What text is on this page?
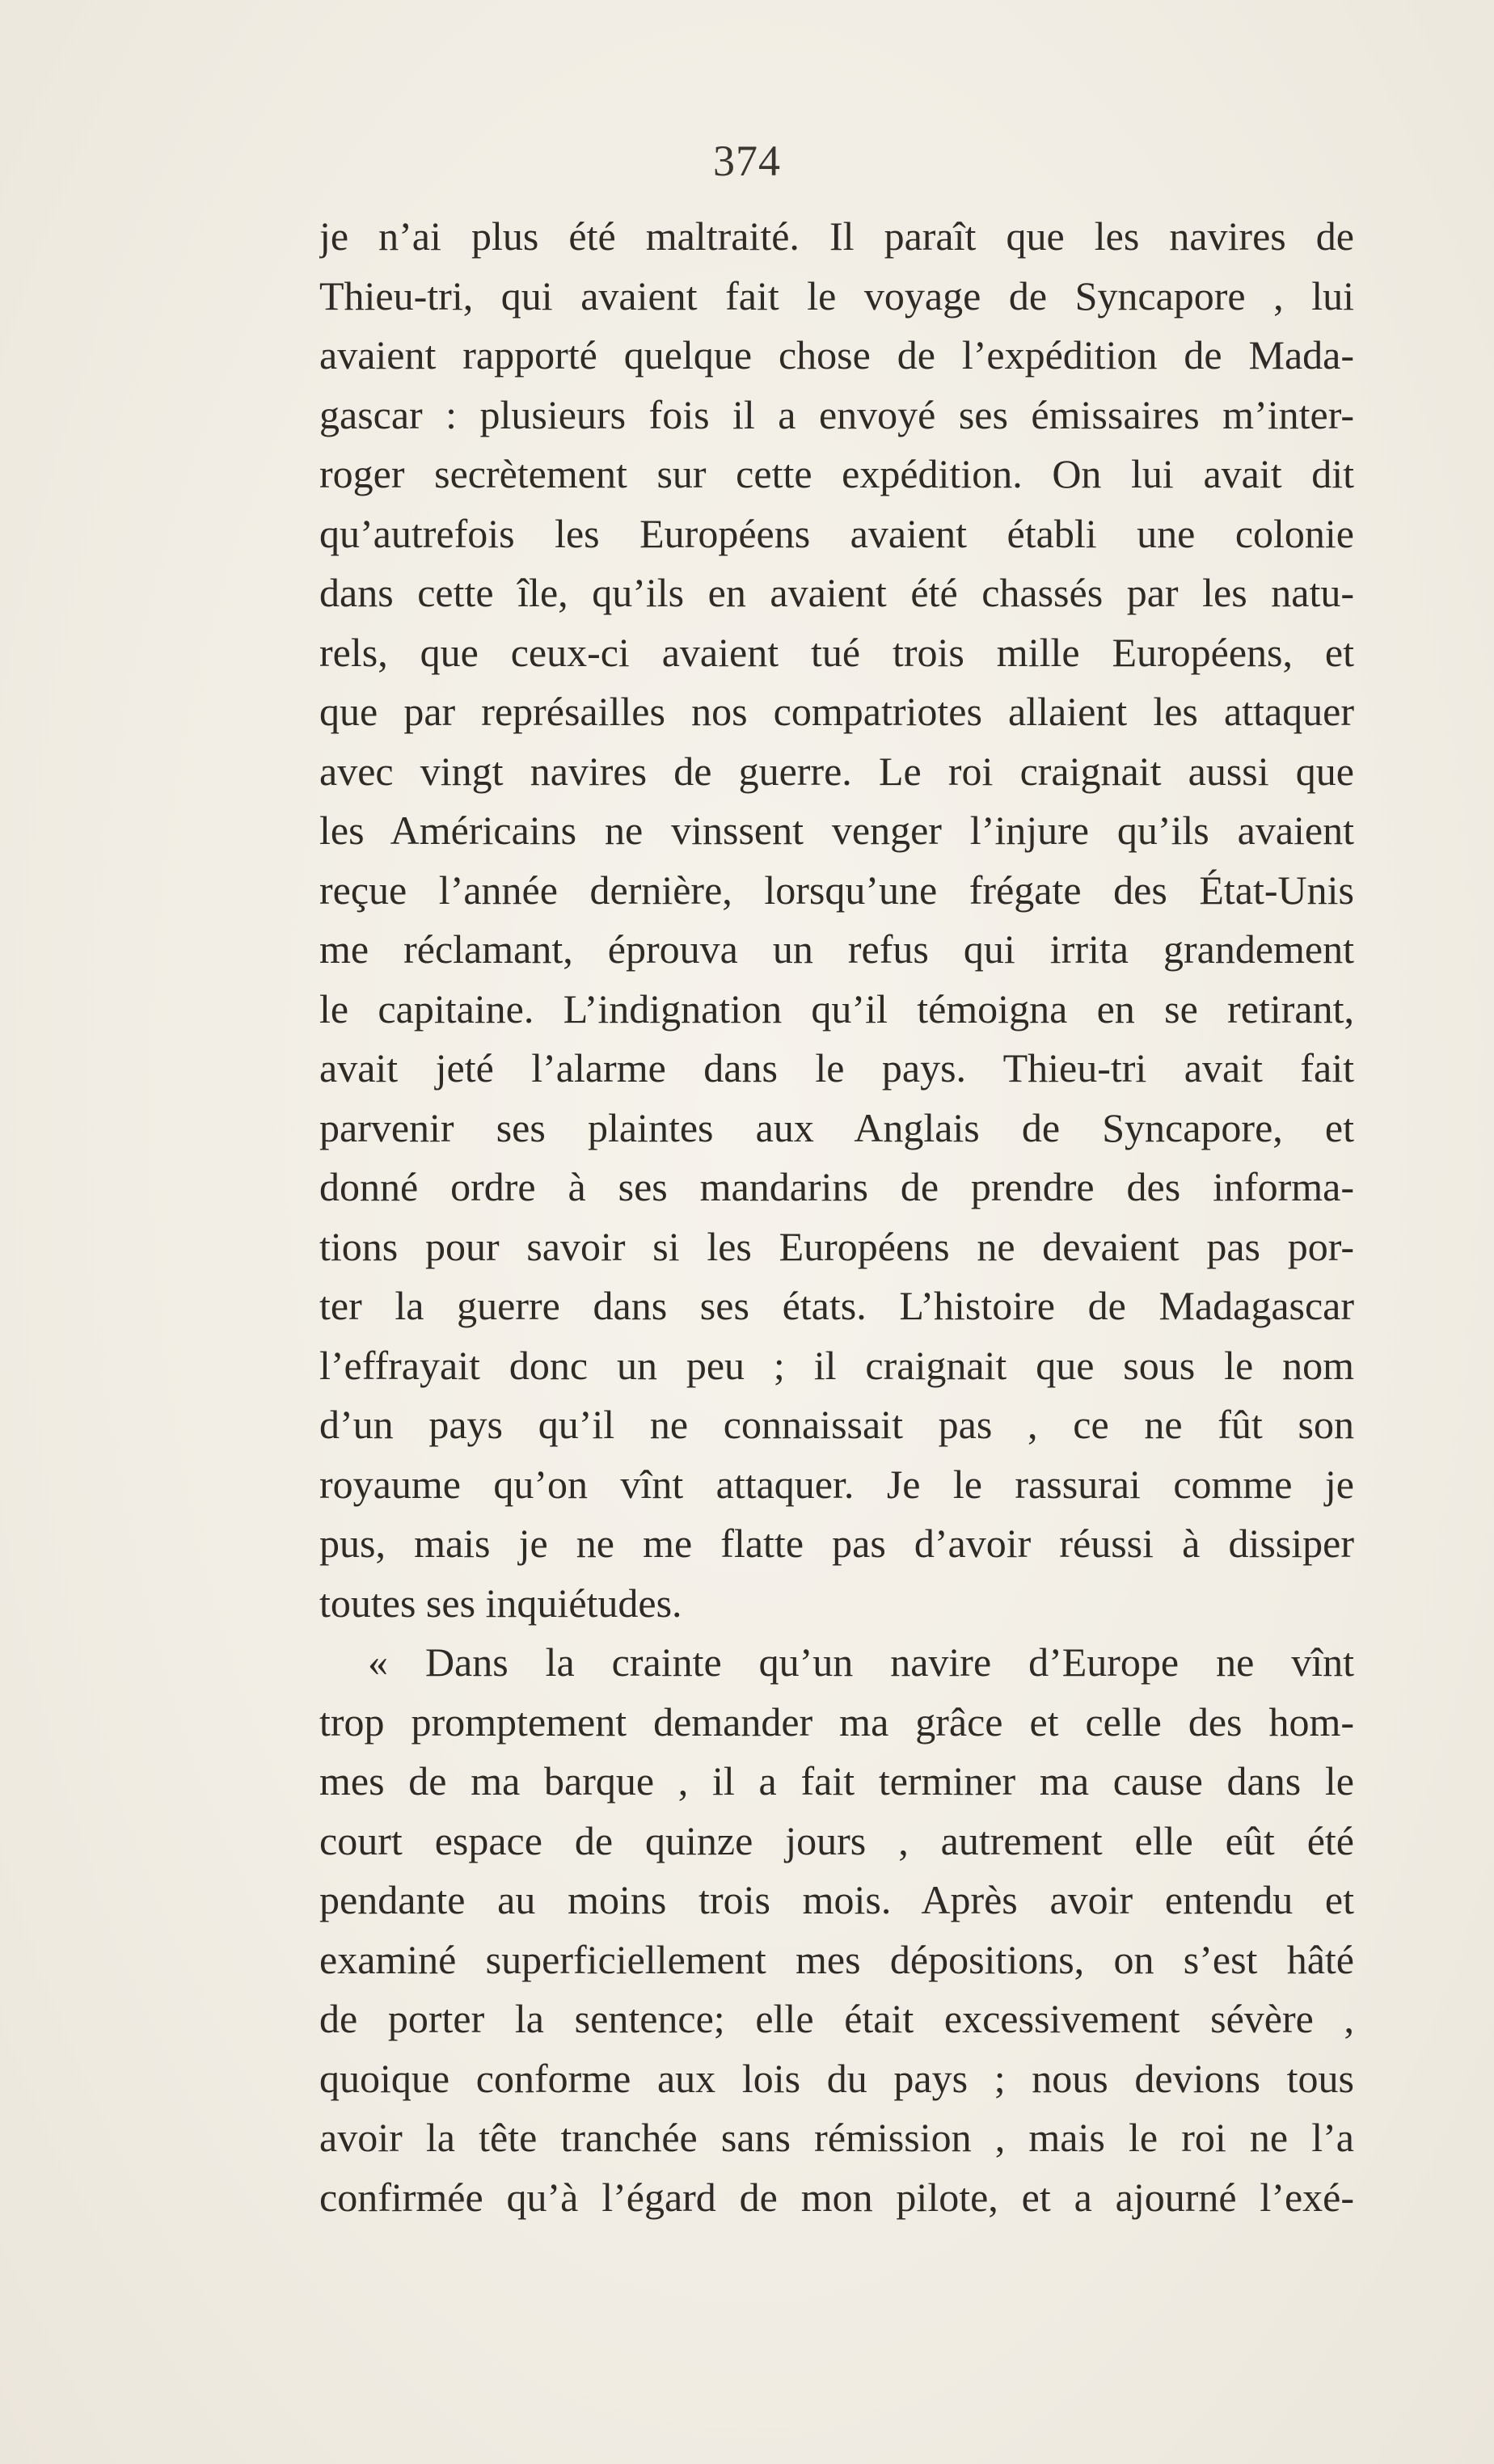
374
je n’ai plus été maltraité. Il paraît que les navires de
Thieu-tri, qui avaient fait le voyage de Syncapore , lui
avaient rapporté quelque chose de l’expédition de Mada-
gascar : plusieurs fois il a envoyé ses émissaires m’inter-
roger secrètement sur cette expédition. On lui avait dit
qu’autrefois les Européens avaient établi une colonie
dans cette île, qu’ils en avaient été chassés par les natu-
rels, que ceux-ci avaient tué trois mille Européens, et
que par représailles nos compatriotes allaient les attaquer
avec vingt navires de guerre. Le roi craignait aussi que
les Américains ne vinssent venger l’injure qu’ils avaient
reçue l’année dernière, lorsqu’une frégate des État-Unis
me réclamant, éprouva un refus qui irrita grandement
le capitaine. L’indignation qu’il témoigna en se retirant,
avait jeté l’alarme dans le pays. Thieu-tri avait fait
parvenir ses plaintes aux Anglais de Syncapore, et
donné ordre à ses mandarins de prendre des informa-
tions pour savoir si les Européens ne devaient pas por-
ter la guerre dans ses états. L’histoire de Madagascar
l’effrayait donc un peu ; il craignait que sous le nom
d’un pays qu’il ne connaissait pas , ce ne fût son
royaume qu’on vînt attaquer. Je le rassurai comme je
pus, mais je ne me flatte pas d’avoir réussi à dissiper
toutes ses inquiétudes.
« Dans la crainte qu’un navire d’Europe ne vînt
trop promptement demander ma grâce et celle des hom-
mes de ma barque , il a fait terminer ma cause dans le
court espace de quinze jours , autrement elle eût été
pendante au moins trois mois. Après avoir entendu et
examiné superficiellement mes dépositions, on s’est hâté
de porter la sentence; elle était excessivement sévère ,
quoique conforme aux lois du pays ; nous devions tous
avoir la tête tranchée sans rémission , mais le roi ne l’a
confirmée qu’à l’égard de mon pilote, et a ajourné l’exé-
